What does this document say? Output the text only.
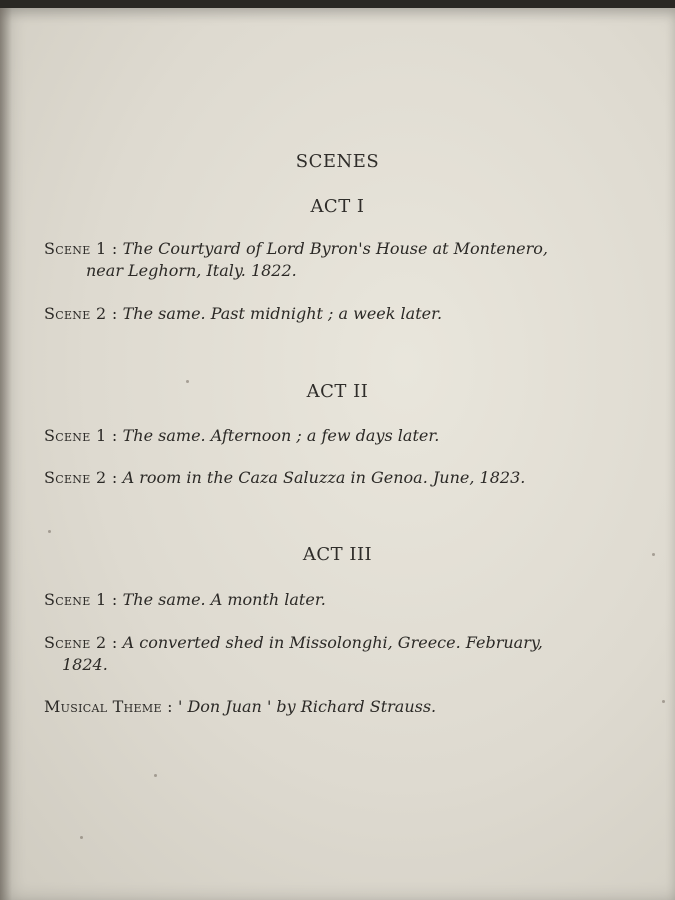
SCENES
ACT I
Scene 1 : The Courtyard of Lord Byron's House at Montenero,
near Leghorn, Italy. 1822.
Scene 2 : The same. Past midnight ; a week later.
ACT II
Scene 1 : The same. Afternoon ; a few days later.
Scene 2 : A room in the Caza Saluzza in Genoa. June, 1823.
ACT III
Scene 1 : The same. A month later.
Scene 2 : A converted shed in Missolonghi, Greece. February,
1824.
Musical Theme : ' Don Juan ' by Richard Strauss.
